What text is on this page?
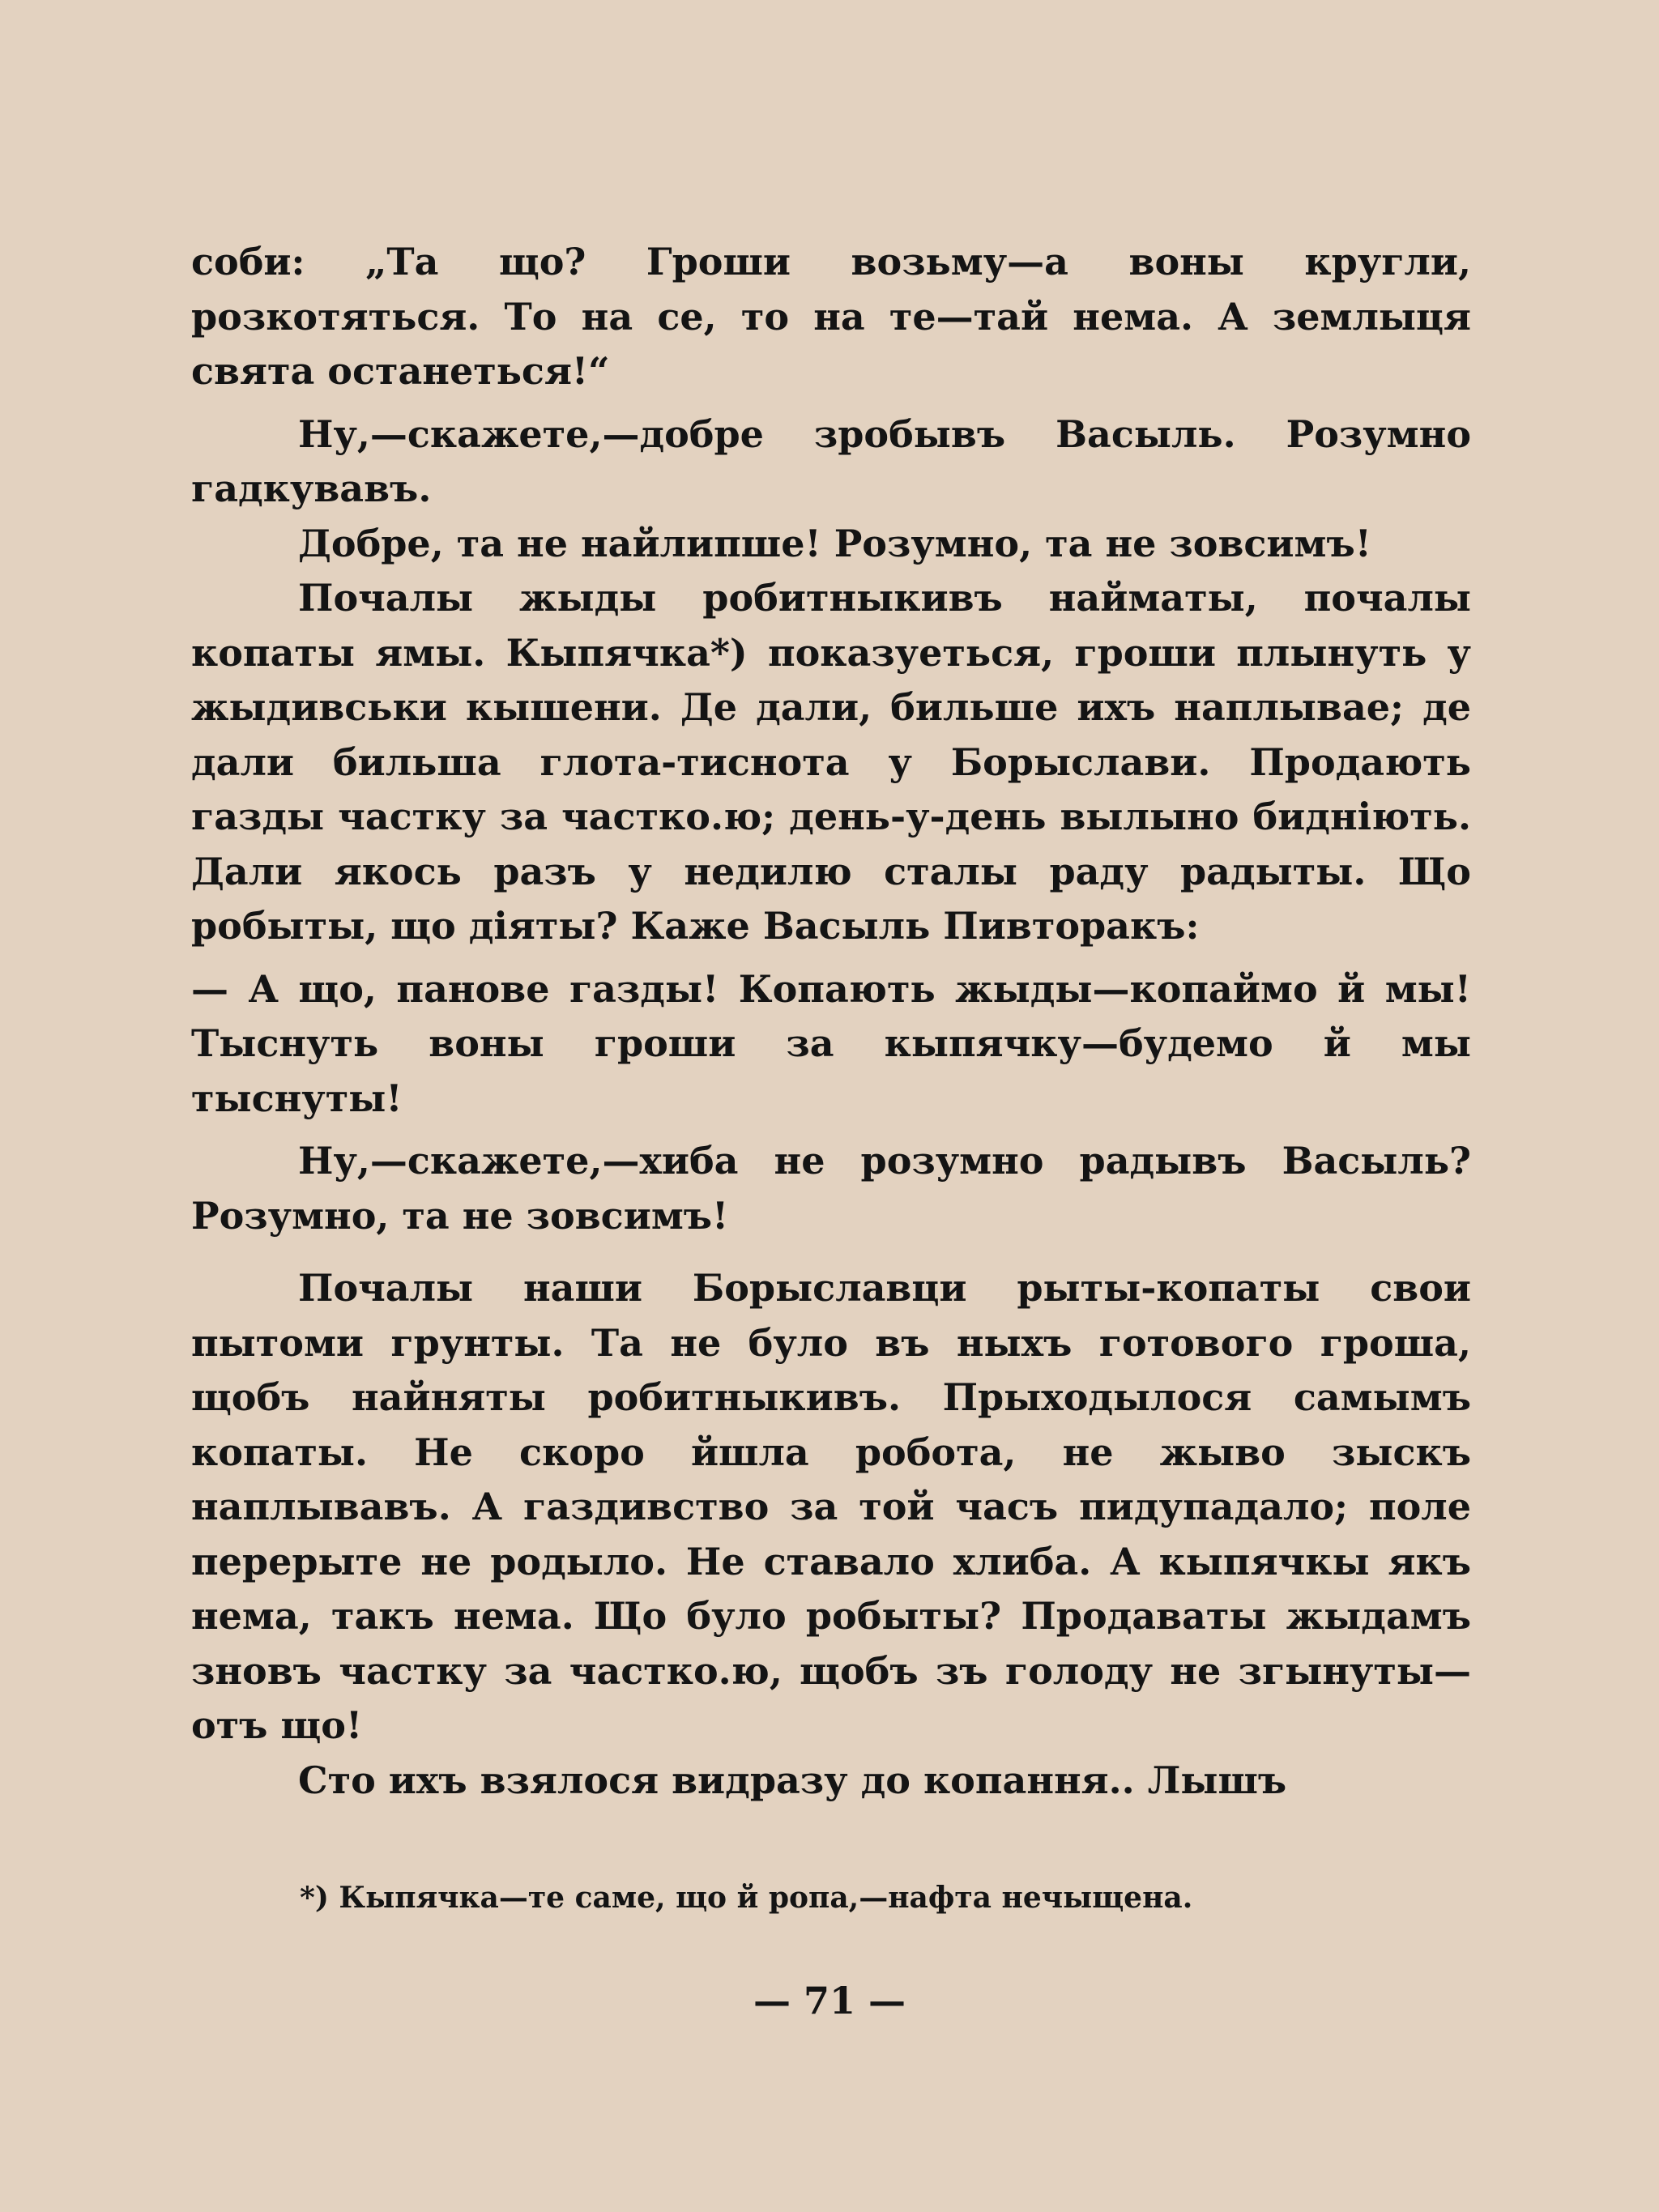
соби: „Та що? Гроши возьму—а воны кругли, розкотяться. То на се, то на те—тай нема. А землыця свята останеться!“

Ну,—скажете,—добре зробывъ Васыль. Розумно гадкувавъ.

Добре, та не найлипше! Розумно, та не зовсимъ!

Почалы жыды робитныкивъ найматы, почалы копаты ямы. Кыпячка*) показуеться, гроши плынуть у жыдивськи кышени. Де дали, бильше ихъ наплывае; де дали бильша глота-тиснота у Борыслави. Продають газды частку за частко.ю; день-у-день вылыно биднiють. Дали якось разъ у недилю сталы раду радыты. Що робыты, що дiяты? Каже Васыль Пивторакъ:

— А що, панове газды! Копають жыды—копаймо й мы! Тыснуть воны гроши за кыпячку—будемо й мы тыснуты!

Ну,—скажете,—хиба не розумно радывъ Васыль? Розумно, та не зовсимъ!

Почалы наши Борыславци рыты-копаты свои пытоми грунты. Та не було въ ныхъ готового гроша, щобъ найняты робитныкивъ. Прыходылося самымъ копаты. Не скоро йшла робота, не жыво зыскъ наплывавъ. А газдивство за той часъ пидупадало; поле перерыте не родыло. Не ставало хлиба. А кыпячкы якъ нема, такъ нема. Що було робыты? Продаваты жыдамъ зновъ частку за частко.ю, щобъ зъ голоду не згынуты—отъ що!

Сто ихъ взялося видразу до копання.. Лышъ

*) Кыпячка—те саме, що й ропа,—нафта нечыщена.
— 71 —
